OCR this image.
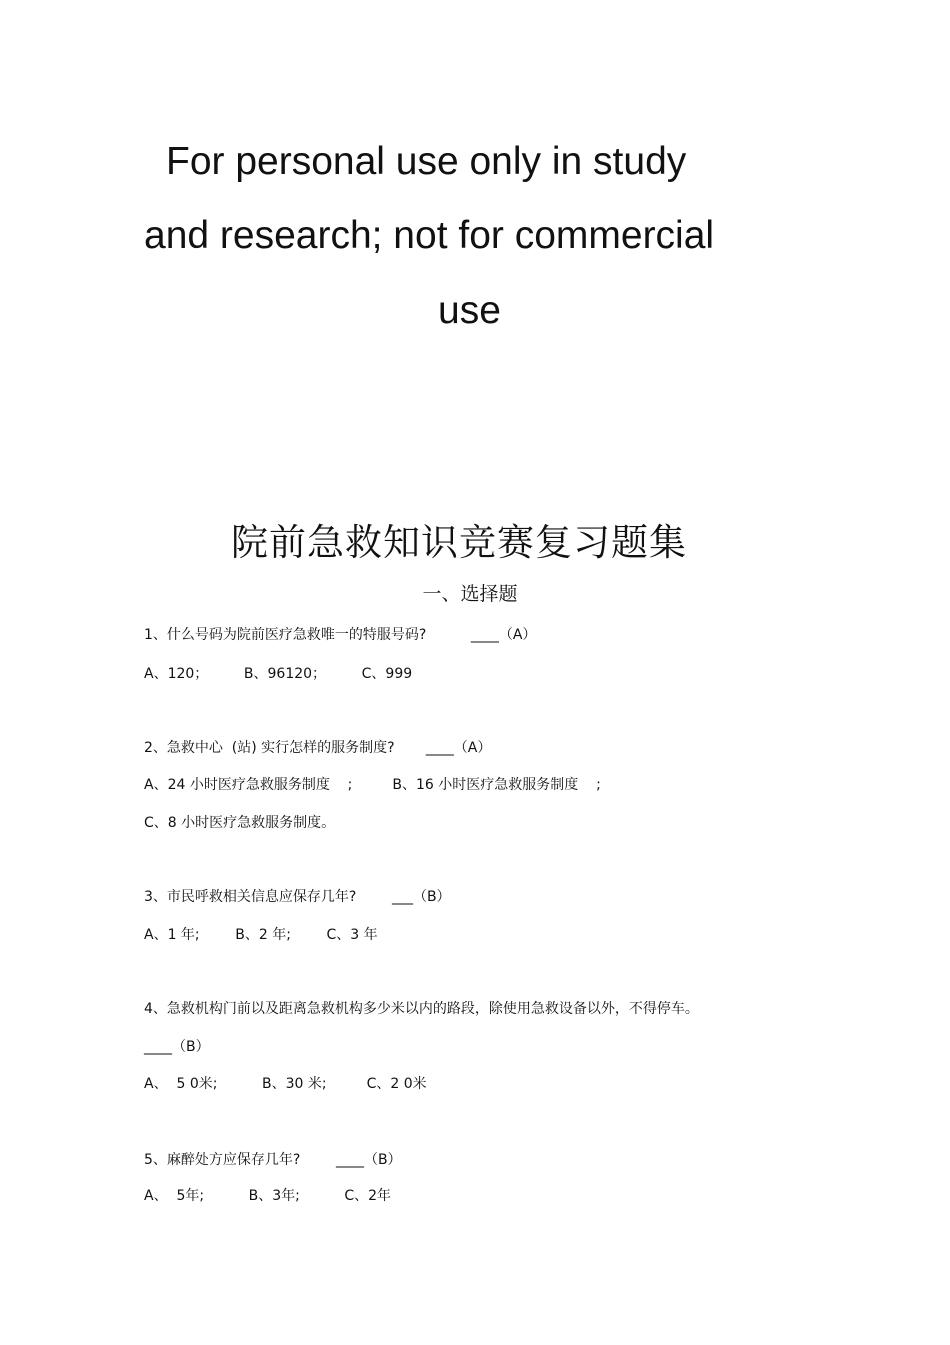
For personal use only in study
and research; not for commercial
use
院前急救知识竞赛复习题集
一、选择题
1、什么号码为院前医疗急救唯一的特服号码?          ____（A）
A、120；        B、96120；        C、999
2、急救中心  (站) 实行怎样的服务制度?       ____（A）
A、24 小时医疗急救服务制度    ;         B、16 小时医疗急救服务制度    ;
C、8 小时医疗急救服务制度。
3、市民呼救相关信息应保存几年?        ___（B）
A、1 年;        B、2 年;        C、3 年
4、急救机构门前以及距离急救机构多少米以内的路段，除使用急救设备以外，不得停车。
____（B）
A、  5 0米;          B、30 米;         C、2 0米
5、麻醉处方应保存几年?        ____（B）
A、  5年;          B、3年;          C、2年
